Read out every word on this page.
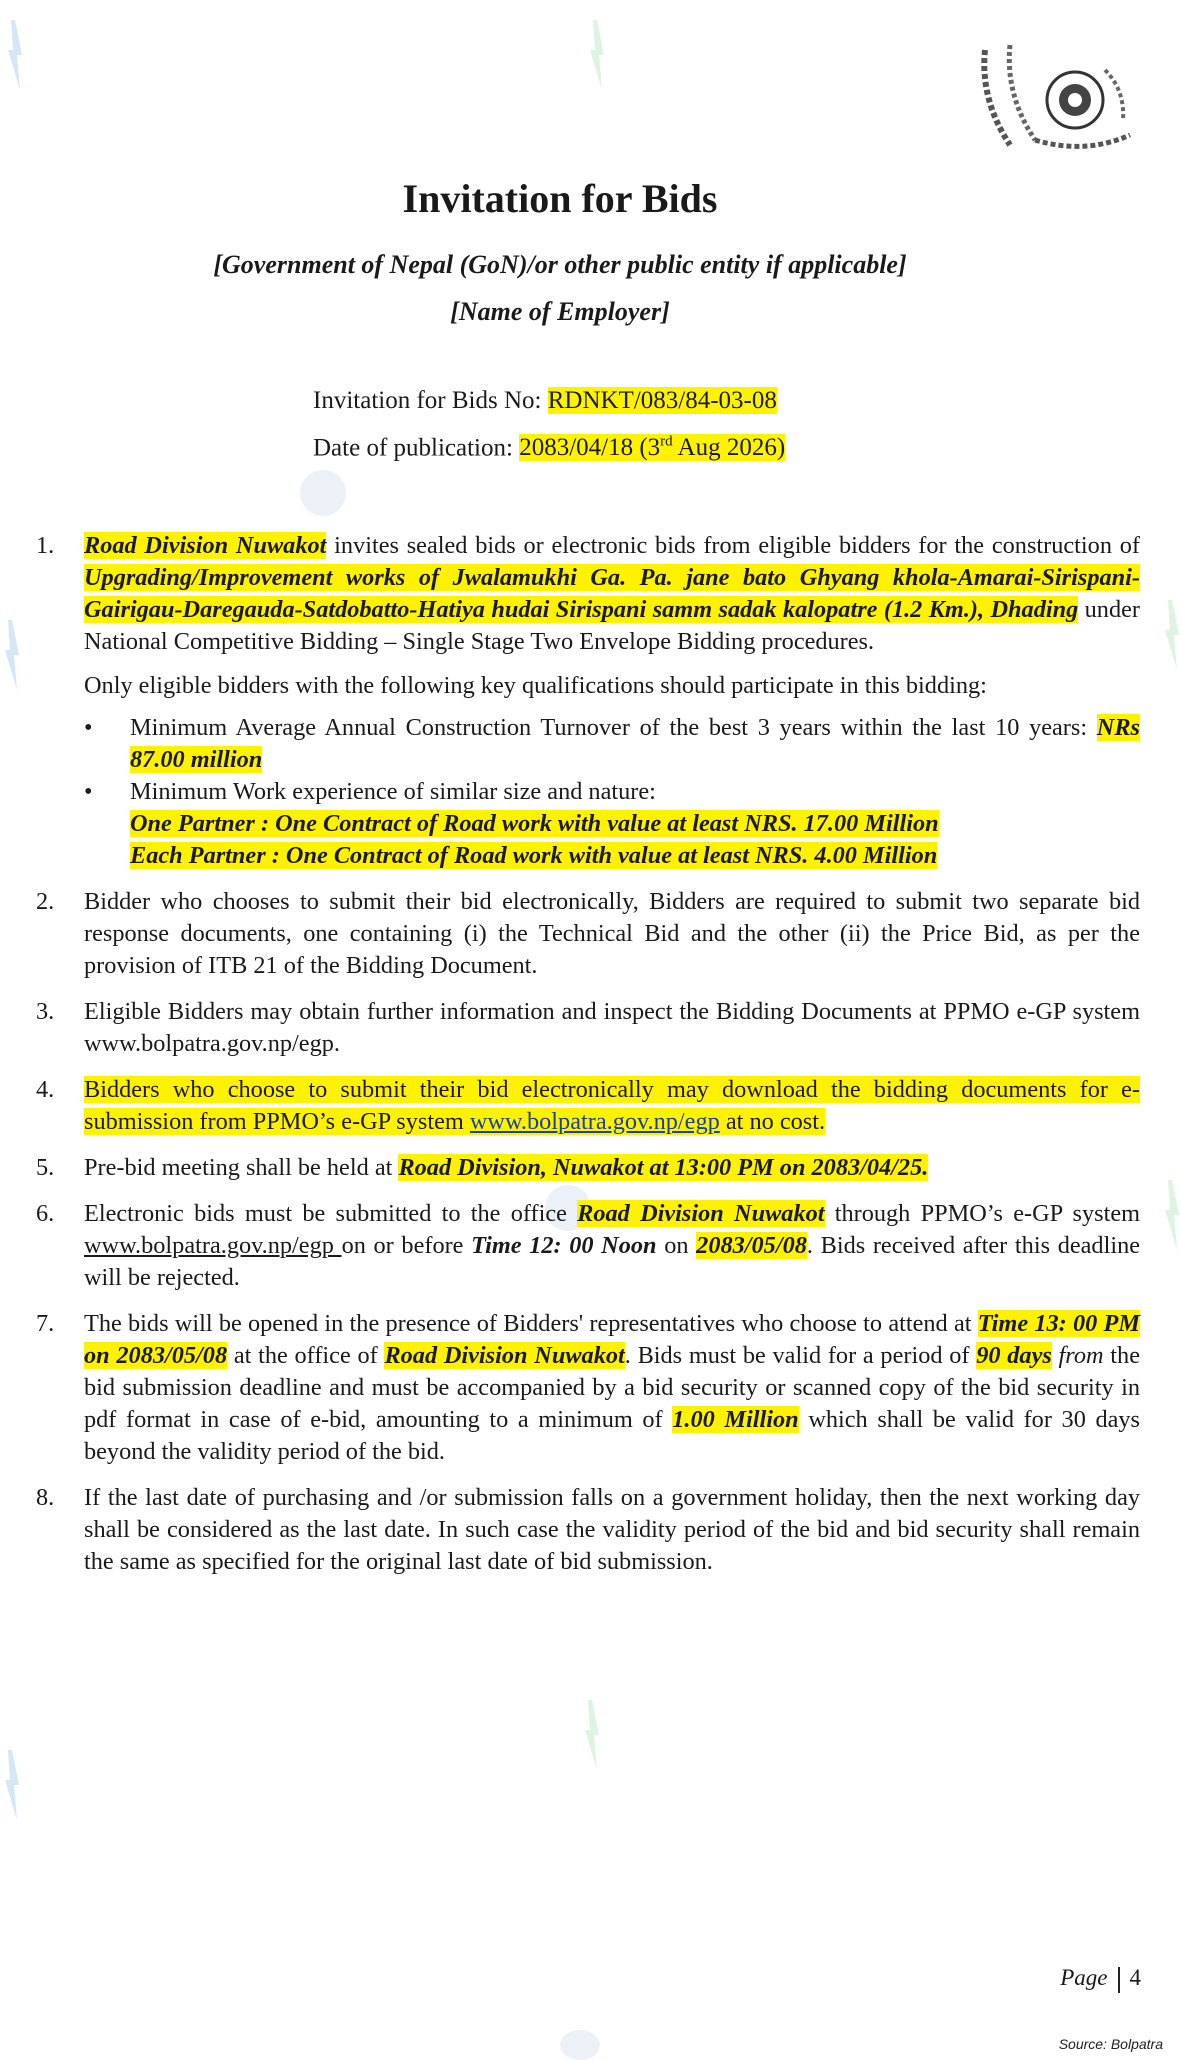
Invitation for Bids
[Government of Nepal (GoN)/or other public entity if applicable]
[Name of Employer]
Invitation for Bids No: RDNKT/083/84-03-08
Date of publication: 2083/04/18 (3rd Aug 2026)
1. Road Division Nuwakot invites sealed bids or electronic bids from eligible bidders for the construction of Upgrading/Improvement works of Jwalamukhi Ga. Pa. jane bato Ghyang khola-Amarai-Sirispani-Gairigau-Daregauda-Satdobatto-Hatiya hudai Sirispani samm sadak kalopatre (1.2 Km.), Dhading under National Competitive Bidding – Single Stage Two Envelope Bidding procedures.

Only eligible bidders with the following key qualifications should participate in this bidding:

• Minimum Average Annual Construction Turnover of the best 3 years within the last 10 years: NRs 87.00 million
• Minimum Work experience of similar size and nature:
One Partner : One Contract of Road work with value at least NRS. 17.00 Million
Each Partner : One Contract of Road work with value at least NRS. 4.00 Million
2. Bidder who chooses to submit their bid electronically, Bidders are required to submit two separate bid response documents, one containing (i) the Technical Bid and the other (ii) the Price Bid, as per the provision of ITB 21 of the Bidding Document.

3. Eligible Bidders may obtain further information and inspect the Bidding Documents at PPMO e-GP system www.bolpatra.gov.np/egp.

4. Bidders who choose to submit their bid electronically may download the bidding documents for e-submission from PPMO’s e-GP system www.bolpatra.gov.np/egp at no cost.

5. Pre-bid meeting shall be held at Road Division, Nuwakot at 13:00 PM on 2083/04/25.

6. Electronic bids must be submitted to the office Road Division Nuwakot through PPMO’s e-GP system www.bolpatra.gov.np/egp on or before Time 12: 00 Noon on 2083/05/08. Bids received after this deadline will be rejected.

7. The bids will be opened in the presence of Bidders' representatives who choose to attend at Time 13: 00 PM on 2083/05/08 at the office of Road Division Nuwakot. Bids must be valid for a period of 90 days from the bid submission deadline and must be accompanied by a bid security or scanned copy of the bid security in pdf format in case of e-bid, amounting to a minimum of 1.00 Million which shall be valid for 30 days beyond the validity period of the bid.

8. If the last date of purchasing and /or submission falls on a government holiday, then the next working day shall be considered as the last date. In such case the validity period of the bid and bid security shall remain the same as specified for the original last date of bid submission.

Page 4
Source: Bolpatra
